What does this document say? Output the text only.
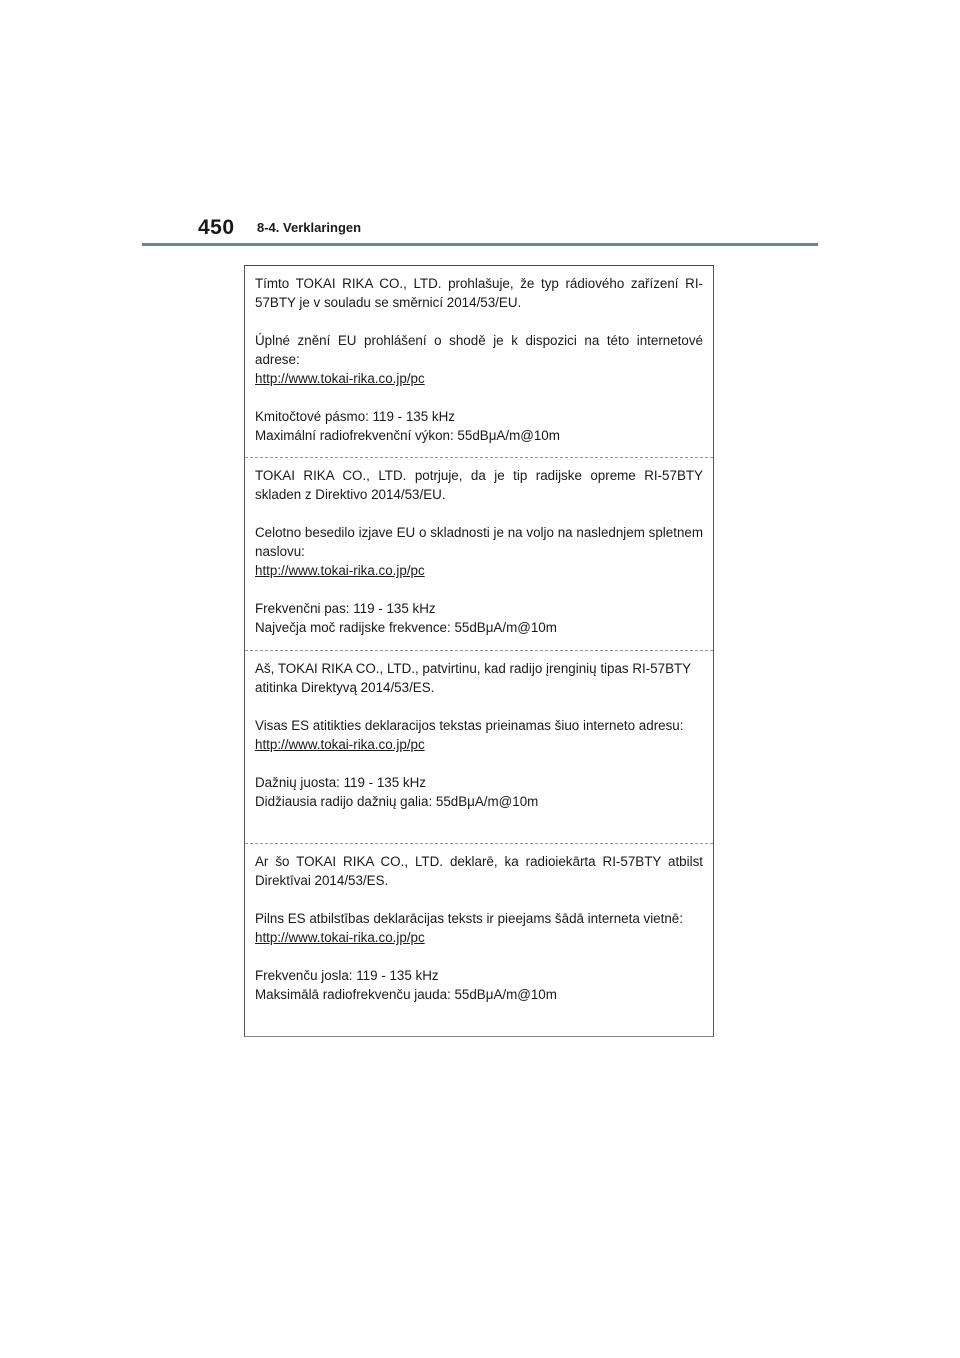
450 8-4. Verklaringen

Tímto TOKAI RIKA CO., LTD. prohlašuje, že typ rádiového zařízení RI-57BTY je v souladu se směrnicí 2014/53/EU.

Úplné znění EU prohlášení o shodě je k dispozici na této internetové adrese:
http://www.tokai-rika.co.jp/pc

Kmitočtové pásmo: 119 - 135 kHz

Maximální radiofrekvenční výkon: 55dBμA/m@10m

TOKAI RIKA CO., LTD. potrjuje, da je tip radijske opreme RI-57BTY skladen z Direktivo 2014/53/EU.

Celotno besedilo izjave EU o skladnosti je na voljo na naslednjem spletnem naslovu:
http://www.tokai-rika.co.jp/pc

Frekvenčni pas: 119 - 135 kHz

Največja moč radijske frekvence: 55dBμA/m@10m

Aš, TOKAI RIKA CO., LTD., patvirtinu, kad radijo įrenginių tipas RI-57BTY atitinka Direktyvą 2014/53/ES.

Visas ES atitikties deklaracijos tekstas prieinamas šiuo interneto adresu:
http://www.tokai-rika.co.jp/pc

Dažnių juosta: 119 - 135 kHz

Didžiausia radijo dažnių galia: 55dBμA/m@10m

Ar šo TOKAI RIKA CO., LTD. deklarē, ka radioiekārta RI-57BTY atbilst Direktīvai 2014/53/ES.

Pilns ES atbilstības deklarācijas teksts ir pieejams šādā interneta vietnē:
http://www.tokai-rika.co.jp/pc

Frekvenču josla: 119 - 135 kHz

Maksimālā radiofrekvenču jauda: 55dBμA/m@10m
